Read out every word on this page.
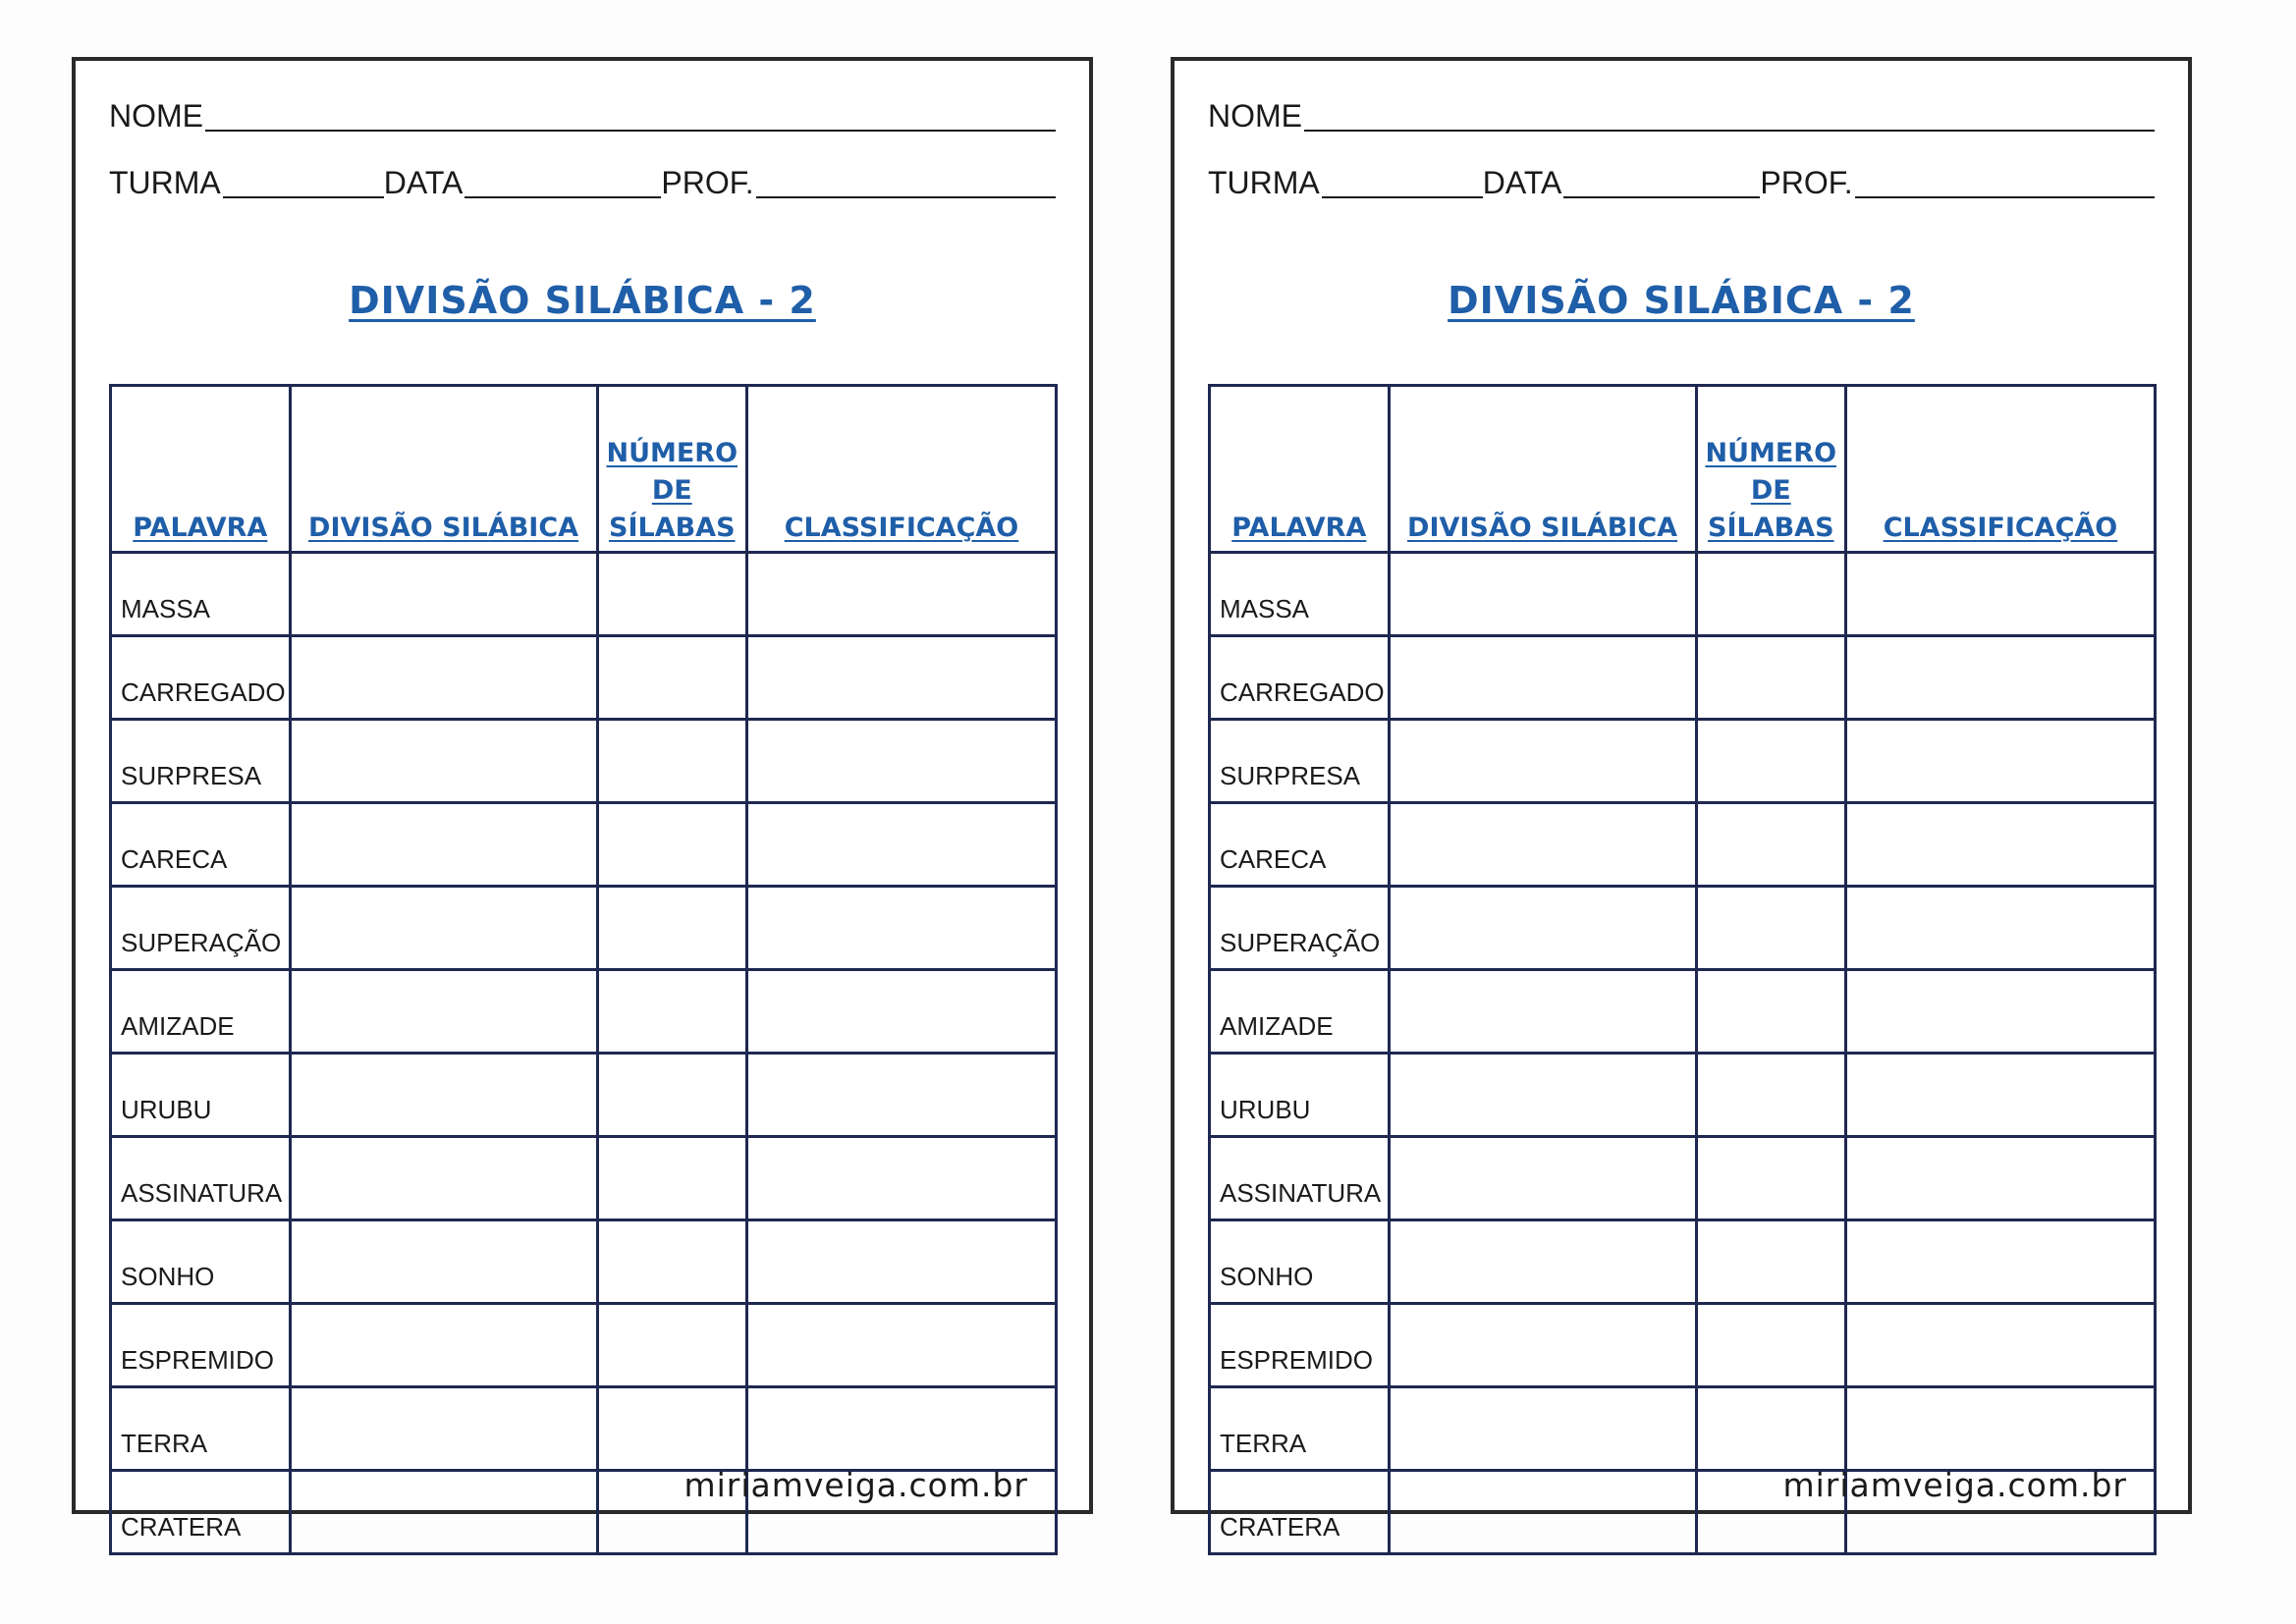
NOME
TURMA	DATA	PROF.
DIVISÃO SILÁBICA - 2
PALAVRA	DIVISÃO SILÁBICA	NÚMERO
DE
SÍLABAS	CLASSIFICAÇÃO
MASSA			
CARREGADO			
SURPRESA			
CARECA			
SUPERAÇÃO			
AMIZADE			
URUBU			
ASSINATURA			
SONHO			
ESPREMIDO			
TERRA			
CRATERA			
miriamveiga.com.br
NOME
TURMA	DATA	PROF.
DIVISÃO SILÁBICA - 2
PALAVRA	DIVISÃO SILÁBICA	NÚMERO
DE
SÍLABAS	CLASSIFICAÇÃO
MASSA			
CARREGADO			
SURPRESA			
CARECA			
SUPERAÇÃO			
AMIZADE			
URUBU			
ASSINATURA			
SONHO			
ESPREMIDO			
TERRA			
CRATERA			
miriamveiga.com.br
